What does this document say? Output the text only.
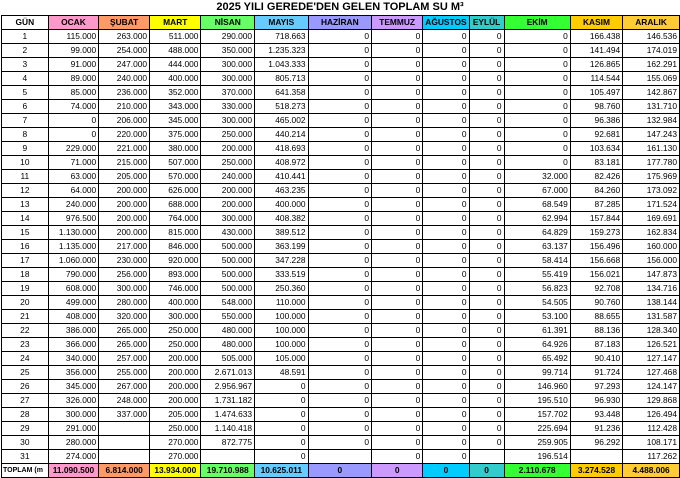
2025 YILI GEREDE'DEN GELEN TOPLAM SU M³
GÜN	OCAK	ŞUBAT	MART	NİSAN	MAYIS	HAZİRAN	TEMMUZ	AĞUSTOS	EYLÜL	EKİM	KASIM	ARALIK
1	115.000	263.000	511.000	290.000	718.663	0	0	0	0	0	166.438	146.536
2	99.000	254.000	488.000	350.000	1.235.323	0	0	0	0	0	141.494	174.019
3	91.000	247.000	444.000	300.000	1.043.333	0	0	0	0	0	126.865	162.291
4	89.000	240.000	400.000	300.000	805.713	0	0	0	0	0	114.544	155.069
5	85.000	236.000	352.000	370.000	641.358	0	0	0	0	0	105.497	142.867
6	74.000	210.000	343.000	330.000	518.273	0	0	0	0	0	98.760	131.710
7	0	206.000	345.000	300.000	465.002	0	0	0	0	0	96.386	132.984
8	0	220.000	375.000	250.000	440.214	0	0	0	0	0	92.681	147.243
9	229.000	221.000	380.000	200.000	418.693	0	0	0	0	0	103.634	161.130
10	71.000	215.000	507.000	250.000	408.972	0	0	0	0	0	83.181	177.780
11	63.000	205.000	570.000	240.000	410.441	0	0	0	0	32.000	82.426	175.969
12	64.000	200.000	626.000	200.000	463.235	0	0	0	0	67.000	84.260	173.092
13	240.000	200.000	688.000	200.000	400.000	0	0	0	0	68.549	87.285	171.524
14	976.500	200.000	764.000	300.000	408.382	0	0	0	0	62.994	157.844	169.691
15	1.130.000	200.000	815.000	430.000	389.512	0	0	0	0	64.829	159.273	162.834
16	1.135.000	217.000	846.000	500.000	363.199	0	0	0	0	63.137	156.496	160.000
17	1.060.000	230.000	920.000	500.000	347.228	0	0	0	0	58.414	156.668	156.000
18	790.000	256.000	893.000	500.000	333.519	0	0	0	0	55.419	156.021	147.873
19	608.000	300.000	746.000	500.000	250.360	0	0	0	0	56.823	92.708	134.716
20	499.000	280.000	400.000	548.000	110.000	0	0	0	0	54.505	90.760	138.144
21	408.000	320.000	300.000	550.000	100.000	0	0	0	0	53.100	88.655	131.587
22	386.000	265.000	250.000	480.000	100.000	0	0	0	0	61.391	88.136	128.340
23	366.000	265.000	250.000	480.000	100.000	0	0	0	0	64.926	87.183	126.521
24	340.000	257.000	200.000	505.000	105.000	0	0	0	0	65.492	90.410	127.147
25	356.000	255.000	200.000	2.671.013	48.591	0	0	0	0	99.714	91.724	127.468
26	345.000	267.000	200.000	2.956.967	0	0	0	0	0	146.960	97.293	124.147
27	326.000	248.000	200.000	1.731.182	0	0	0	0	0	195.510	96.930	129.868
28	300.000	337.000	205.000	1.474.633	0	0	0	0	0	157.702	93.448	126.494
29	291.000		250.000	1.140.418	0	0	0	0	0	225.694	91.236	112.428
30	280.000		270.000	872.775	0	0	0	0	0	259.905	96.292	108.171
31	274.000		270.000		0		0	0		196.514		117.262
TOPLAM (m	11.090.500	6.814.000	13.934.000	19.710.988	10.625.011	0	0	0	0	2.110.678	3.274.528	4.488.006
